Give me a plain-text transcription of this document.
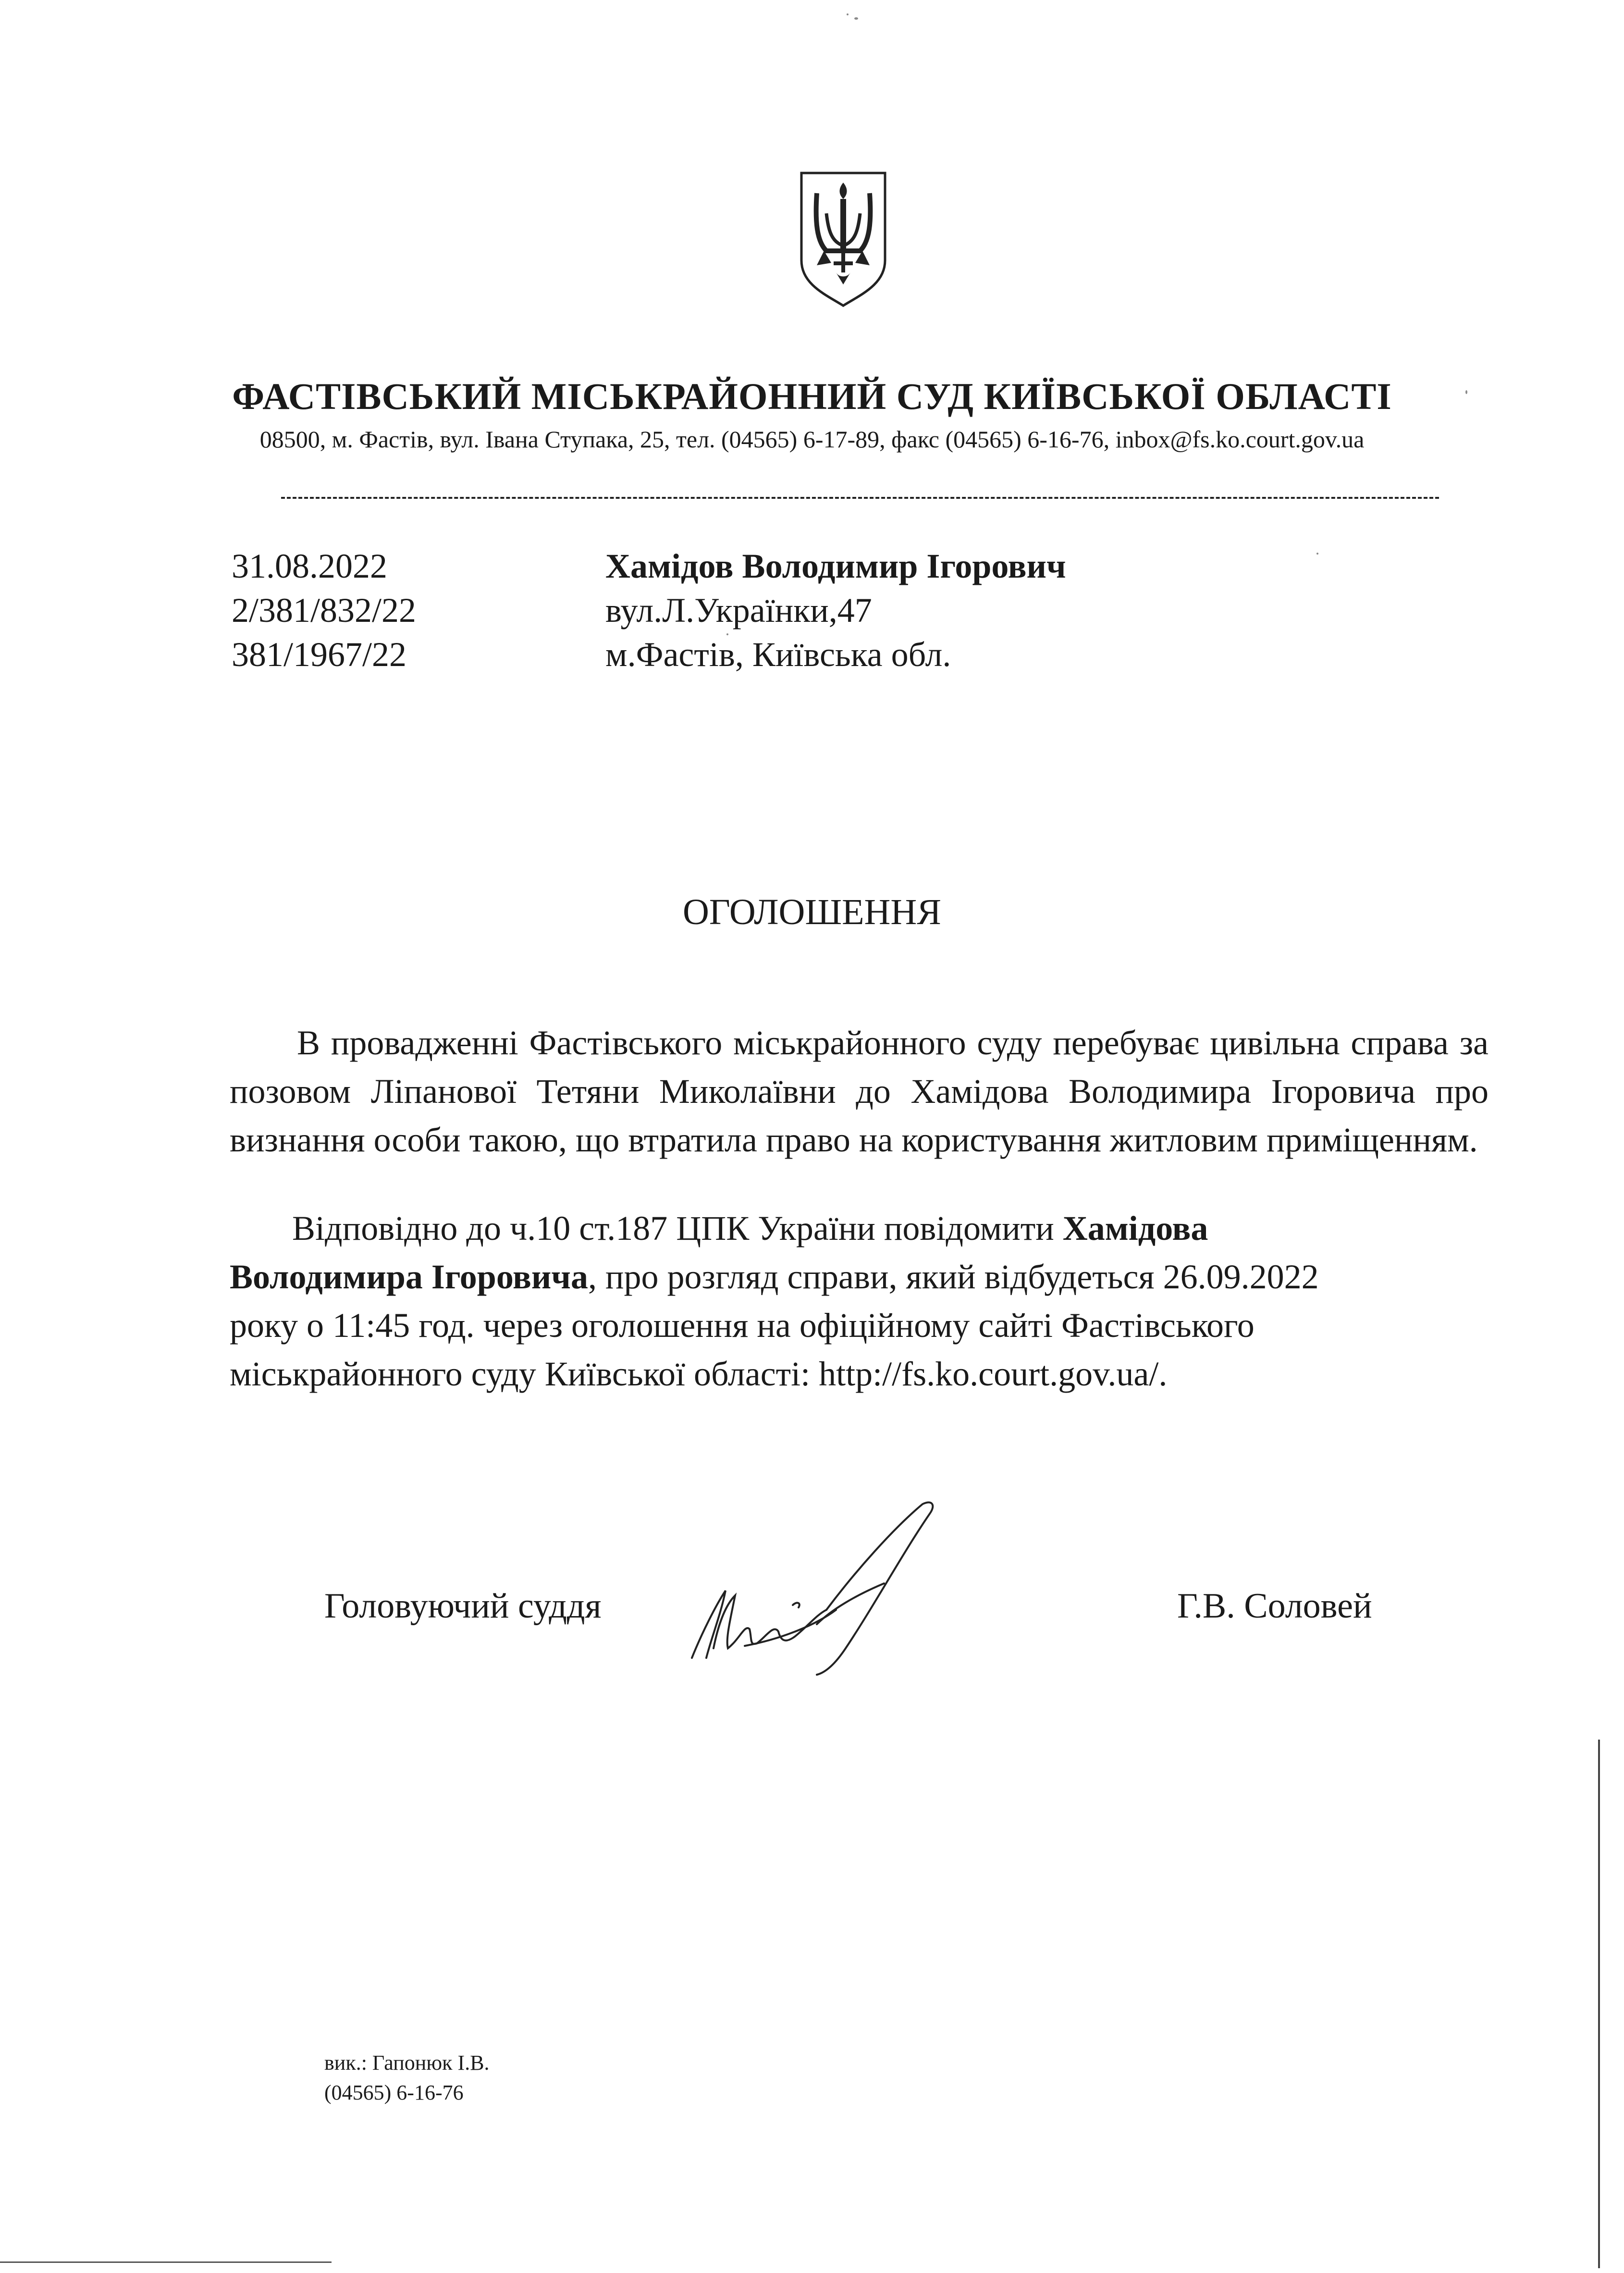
ФАСТІВСЬКИЙ МІСЬКРАЙОННИЙ СУД КИЇВСЬКОЇ ОБЛАСТІ
08500, м. Фастів, вул. Івана Ступака, 25, тел. (04565) 6-17-89, факс (04565) 6-16-76, inbox@fs.ko.court.gov.ua
31.08.2022
2/381/832/22
381/1967/22
Хамідов Володимир Ігорович
вул.Л.Українки,47
м.Фастів, Київська обл.
ОГОЛОШЕННЯ
В провадженні Фастівського міськрайонного суду перебуває цивільна справа за позовом Ліпанової Тетяни Миколаївни до Хамідова Володимира Ігоровича про визнання особи такою, що втратила право на користування житловим приміщенням.
Відповідно до ч.10 ст.187 ЦПК України повідомити Хамідова
Володимира Ігоровича, про розгляд справи, який відбудеться 26.09.2022
року о 11:45 год. через оголошення на офіційному сайті Фастівського
міськрайонного суду Київської області: http://fs.ko.court.gov.ua/.
Головуючий суддя	Г.В. Соловей
вик.: Гапонюк І.В.
(04565) 6-16-76
